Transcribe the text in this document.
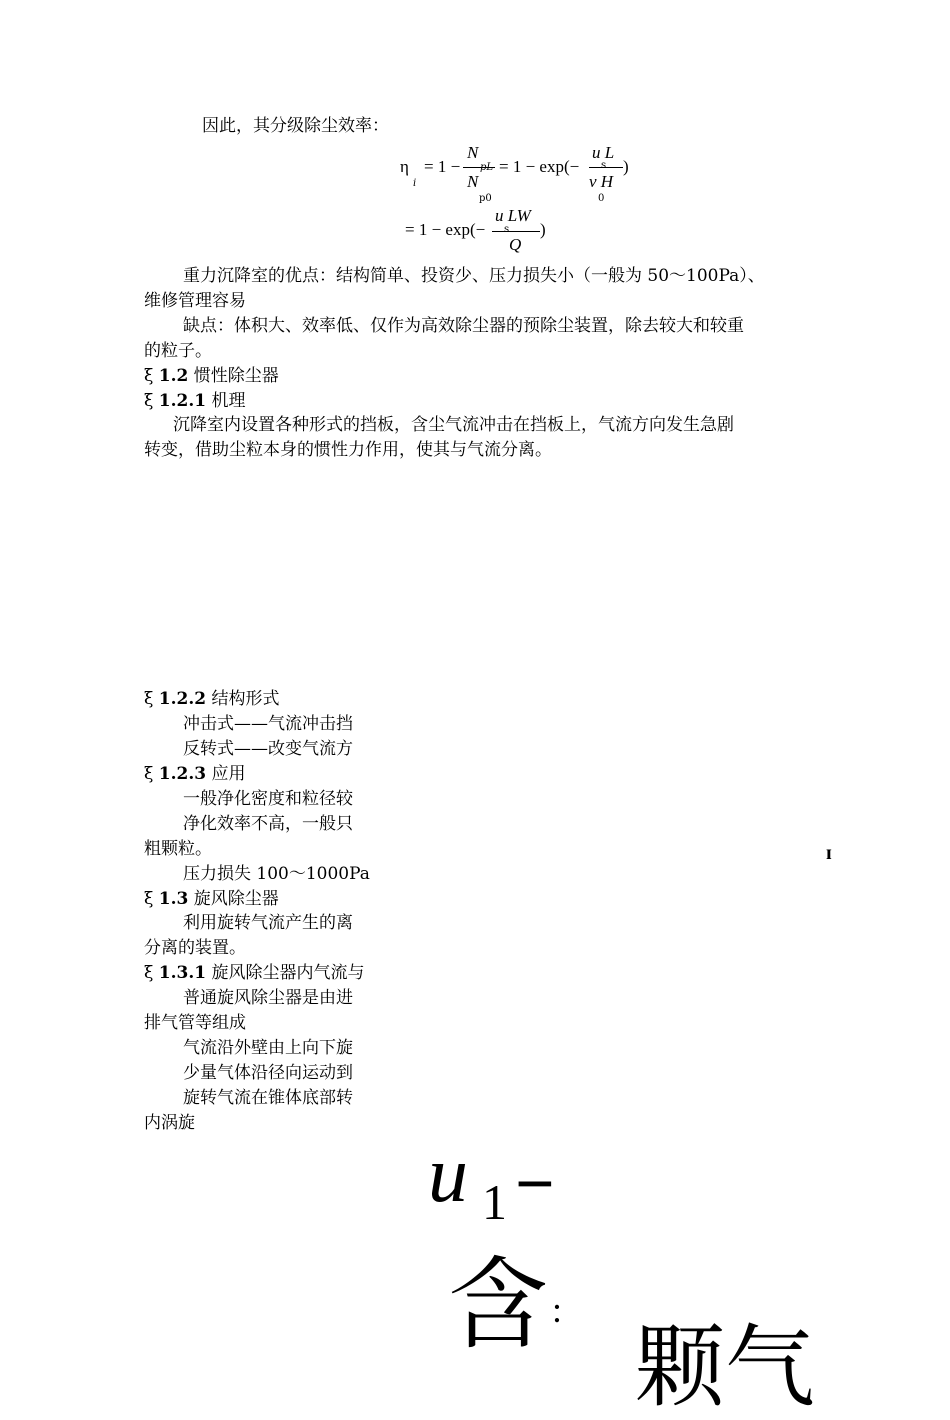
因此，其分级除尘效率：
η
i
= 1 −
N
pL
N
p0
= 1 − exp(−
u L
s
v H
0
)
= 1 − exp(−
u LW
s
Q
)
重力沉降室的优点：结构简单、投资少、压力损失小（一般为 50～100Pa）、
维修管理容易
缺点：体积大、效率低、仅作为高效除尘器的预除尘装置，除去较大和较重
的粒子。
ξ 1.2 惯性除尘器
ξ 1.2.1 机理
沉降室内设置各种形式的挡板，含尘气流冲击在挡板上，气流方向发生急剧
转变，借助尘粒本身的惯性力作用，使其与气流分离。
ξ 1.2.2 结构形式
冲击式——气流冲击挡
反转式——改变气流方
ξ 1.2.3 应用
一般净化密度和粒径较
净化效率不高，一般只
粗颗粒。
压力损失 100～1000Pa
ξ 1.3 旋风除尘器
利用旋转气流产生的离
分离的装置。
ξ 1.3.1 旋风除尘器内气流与
普通旋风除尘器是由进
排气管等组成
气流沿外壁由上向下旋
少量气体沿径向运动到
旋转气流在锥体底部转
内涡旋
ɪ
u 1 −
含 :
颗气
